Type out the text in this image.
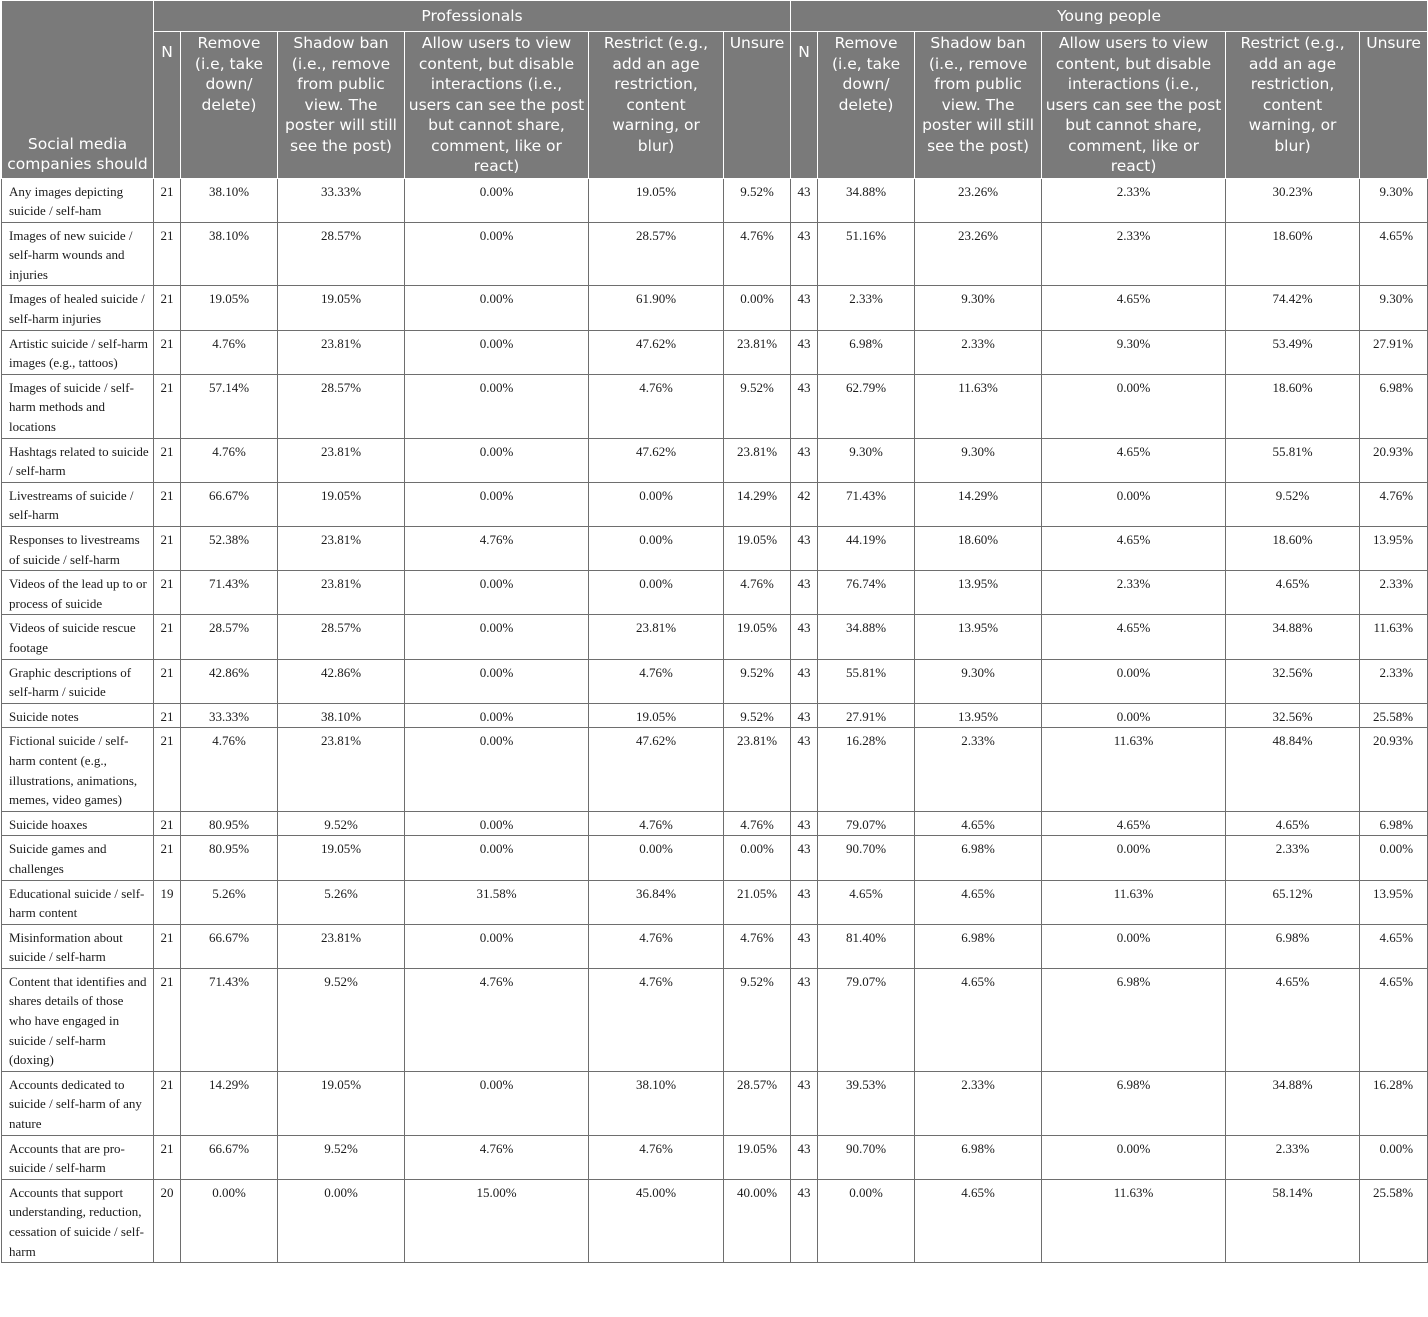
Social media companies should	Professionals						Young people					
	N	Remove (i.e, take down/ delete)	Shadow ban (i.e., remove from public view. The poster will still see the post)	Allow users to view content, but disable interactions (i.e., users can see the post but cannot share, comment, like or react)	Restrict (e.g., add an age restriction, content warning, or blur)	Unsure	N	Remove (i.e, take down/ delete)	Shadow ban (i.e., remove from public view. The poster will still see the post)	Allow users to view content, but disable interactions (i.e., users can see the post but cannot share, comment, like or react)	Restrict (e.g., add an age restriction, content warning, or blur)	Unsure
Any images depicting suicide / self-ham	21	38.10%	33.33%	0.00%	19.05%	9.52%	43	34.88%	23.26%	2.33%	30.23%	9.30%
Images of new suicide / self-harm wounds and injuries	21	38.10%	28.57%	0.00%	28.57%	4.76%	43	51.16%	23.26%	2.33%	18.60%	4.65%
Images of healed suicide / self-harm injuries	21	19.05%	19.05%	0.00%	61.90%	0.00%	43	2.33%	9.30%	4.65%	74.42%	9.30%
Artistic suicide / self-harm images (e.g., tattoos)	21	4.76%	23.81%	0.00%	47.62%	23.81%	43	6.98%	2.33%	9.30%	53.49%	27.91%
Images of suicide / self-harm methods and locations	21	57.14%	28.57%	0.00%	4.76%	9.52%	43	62.79%	11.63%	0.00%	18.60%	6.98%
Hashtags related to suicide / self-harm	21	4.76%	23.81%	0.00%	47.62%	23.81%	43	9.30%	9.30%	4.65%	55.81%	20.93%
Livestreams of suicide / self-harm	21	66.67%	19.05%	0.00%	0.00%	14.29%	42	71.43%	14.29%	0.00%	9.52%	4.76%
Responses to livestreams of suicide / self-harm	21	52.38%	23.81%	4.76%	0.00%	19.05%	43	44.19%	18.60%	4.65%	18.60%	13.95%
Videos of the lead up to or process of suicide	21	71.43%	23.81%	0.00%	0.00%	4.76%	43	76.74%	13.95%	2.33%	4.65%	2.33%
Videos of suicide rescue footage	21	28.57%	28.57%	0.00%	23.81%	19.05%	43	34.88%	13.95%	4.65%	34.88%	11.63%
Graphic descriptions of self-harm / suicide	21	42.86%	42.86%	0.00%	4.76%	9.52%	43	55.81%	9.30%	0.00%	32.56%	2.33%
Suicide notes	21	33.33%	38.10%	0.00%	19.05%	9.52%	43	27.91%	13.95%	0.00%	32.56%	25.58%
Fictional suicide / self-harm content (e.g., illustrations, animations, memes, video games)	21	4.76%	23.81%	0.00%	47.62%	23.81%	43	16.28%	2.33%	11.63%	48.84%	20.93%
Suicide hoaxes	21	80.95%	9.52%	0.00%	4.76%	4.76%	43	79.07%	4.65%	4.65%	4.65%	6.98%
Suicide games and challenges	21	80.95%	19.05%	0.00%	0.00%	0.00%	43	90.70%	6.98%	0.00%	2.33%	0.00%
Educational suicide / self-harm content	19	5.26%	5.26%	31.58%	36.84%	21.05%	43	4.65%	4.65%	11.63%	65.12%	13.95%
Misinformation about suicide / self-harm	21	66.67%	23.81%	0.00%	4.76%	4.76%	43	81.40%	6.98%	0.00%	6.98%	4.65%
Content that identifies and shares details of those who have engaged in suicide / self-harm (doxing)	21	71.43%	9.52%	4.76%	4.76%	9.52%	43	79.07%	4.65%	6.98%	4.65%	4.65%
Accounts dedicated to suicide / self-harm of any nature	21	14.29%	19.05%	0.00%	38.10%	28.57%	43	39.53%	2.33%	6.98%	34.88%	16.28%
Accounts that are pro-suicide / self-harm	21	66.67%	9.52%	4.76%	4.76%	19.05%	43	90.70%	6.98%	0.00%	2.33%	0.00%
Accounts that support understanding, reduction, cessation of suicide / self-harm	20	0.00%	0.00%	15.00%	45.00%	40.00%	43	0.00%	4.65%	11.63%	58.14%	25.58%
